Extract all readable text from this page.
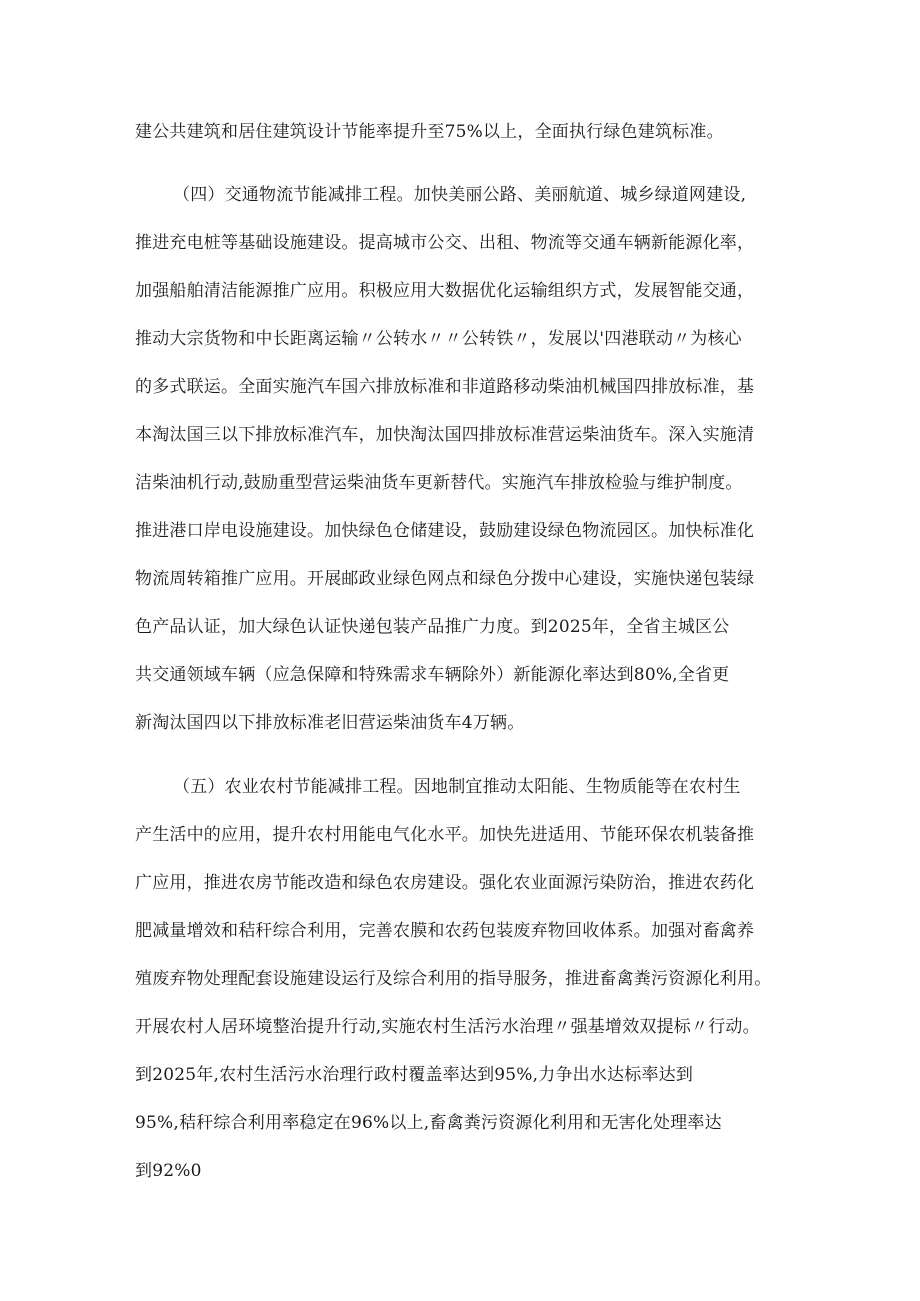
建公共建筑和居住建筑设计节能率提升至75%以上，全面执行绿色建筑标准。
（四）交通物流节能减排工程。加快美丽公路、美丽航道、城乡绿道网建设,
推进充电桩等基础设施建设。提高城市公交、出租、物流等交通车辆新能源化率，
加强船舶清洁能源推广应用。积极应用大数据优化运输组织方式，发展智能交通，
推动大宗货物和中长距离运输〃公转水〃〃公转铁〃，发展以'四港联动〃为核心
的多式联运。全面实施汽车国六排放标准和非道路移动柴油机械国四排放标准，基
本淘汰国三以下排放标准汽车，加快淘汰国四排放标准营运柴油货车。深入实施清
洁柴油机行动,鼓励重型营运柴油货车更新替代。实施汽车排放检验与维护制度。
推进港口岸电设施建设。加快绿色仓储建设，鼓励建设绿色物流园区。加快标准化
物流周转箱推广应用。开展邮政业绿色网点和绿色分拨中心建设，实施快递包装绿
色产品认证，加大绿色认证快递包装产品推广力度。到2025年，全省主城区公
共交通领域车辆（应急保障和特殊需求车辆除外）新能源化率达到80%,全省更
新淘汰国四以下排放标准老旧营运柴油货车4万辆。
（五）农业农村节能减排工程。因地制宜推动太阳能、生物质能等在农村生
产生活中的应用，提升农村用能电气化水平。加快先进适用、节能环保农机装备推
广应用，推进农房节能改造和绿色农房建设。强化农业面源污染防治，推进农药化
肥减量增效和秸秆综合利用，完善农膜和农药包装废弃物回收体系。加强对畜禽养
殖废弃物处理配套设施建设运行及综合利用的指导服务，推进畜禽粪污资源化利用。
开展农村人居环境整治提升行动,实施农村生活污水治理〃强基增效双提标〃行动。
到2025年,农村生活污水治理行政村覆盖率达到95%,力争出水达标率达到
95%,秸秆综合利用率稳定在96%以上,畜禽粪污资源化利用和无害化处理率达
到92%0
